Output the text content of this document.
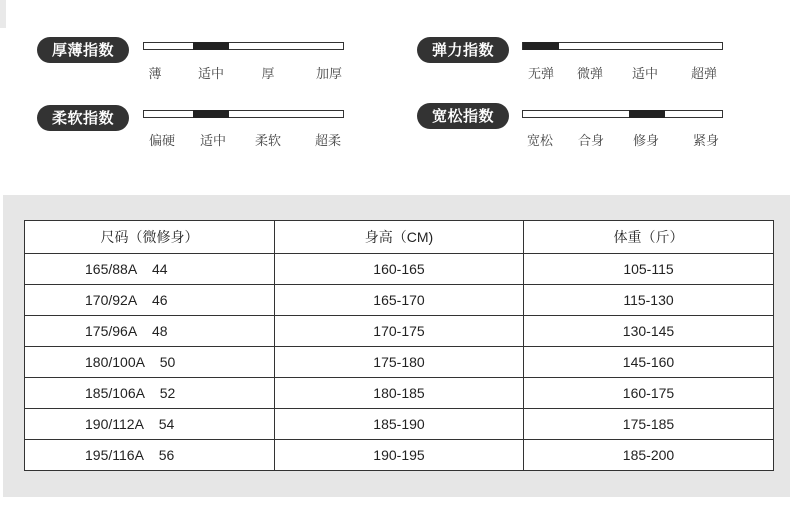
厚薄指数
薄	适中	厚	加厚
弹力指数
无弹 微弹 适中	超弹
柔软指数
偏硬 适中 柔软	超柔
宽松指数
宽松 合身 修身	紧身
尺码（微修身）	身高（CM)	体重（斤）
165/88A    44	160-165	105-115
170/92A    46	165-170	115-130
175/96A    48	170-175	130-145
180/100A    50	175-180	145-160
185/106A    52	180-185	160-175
190/112A    54	185-190	175-185
195/116A    56	190-195	185-200
